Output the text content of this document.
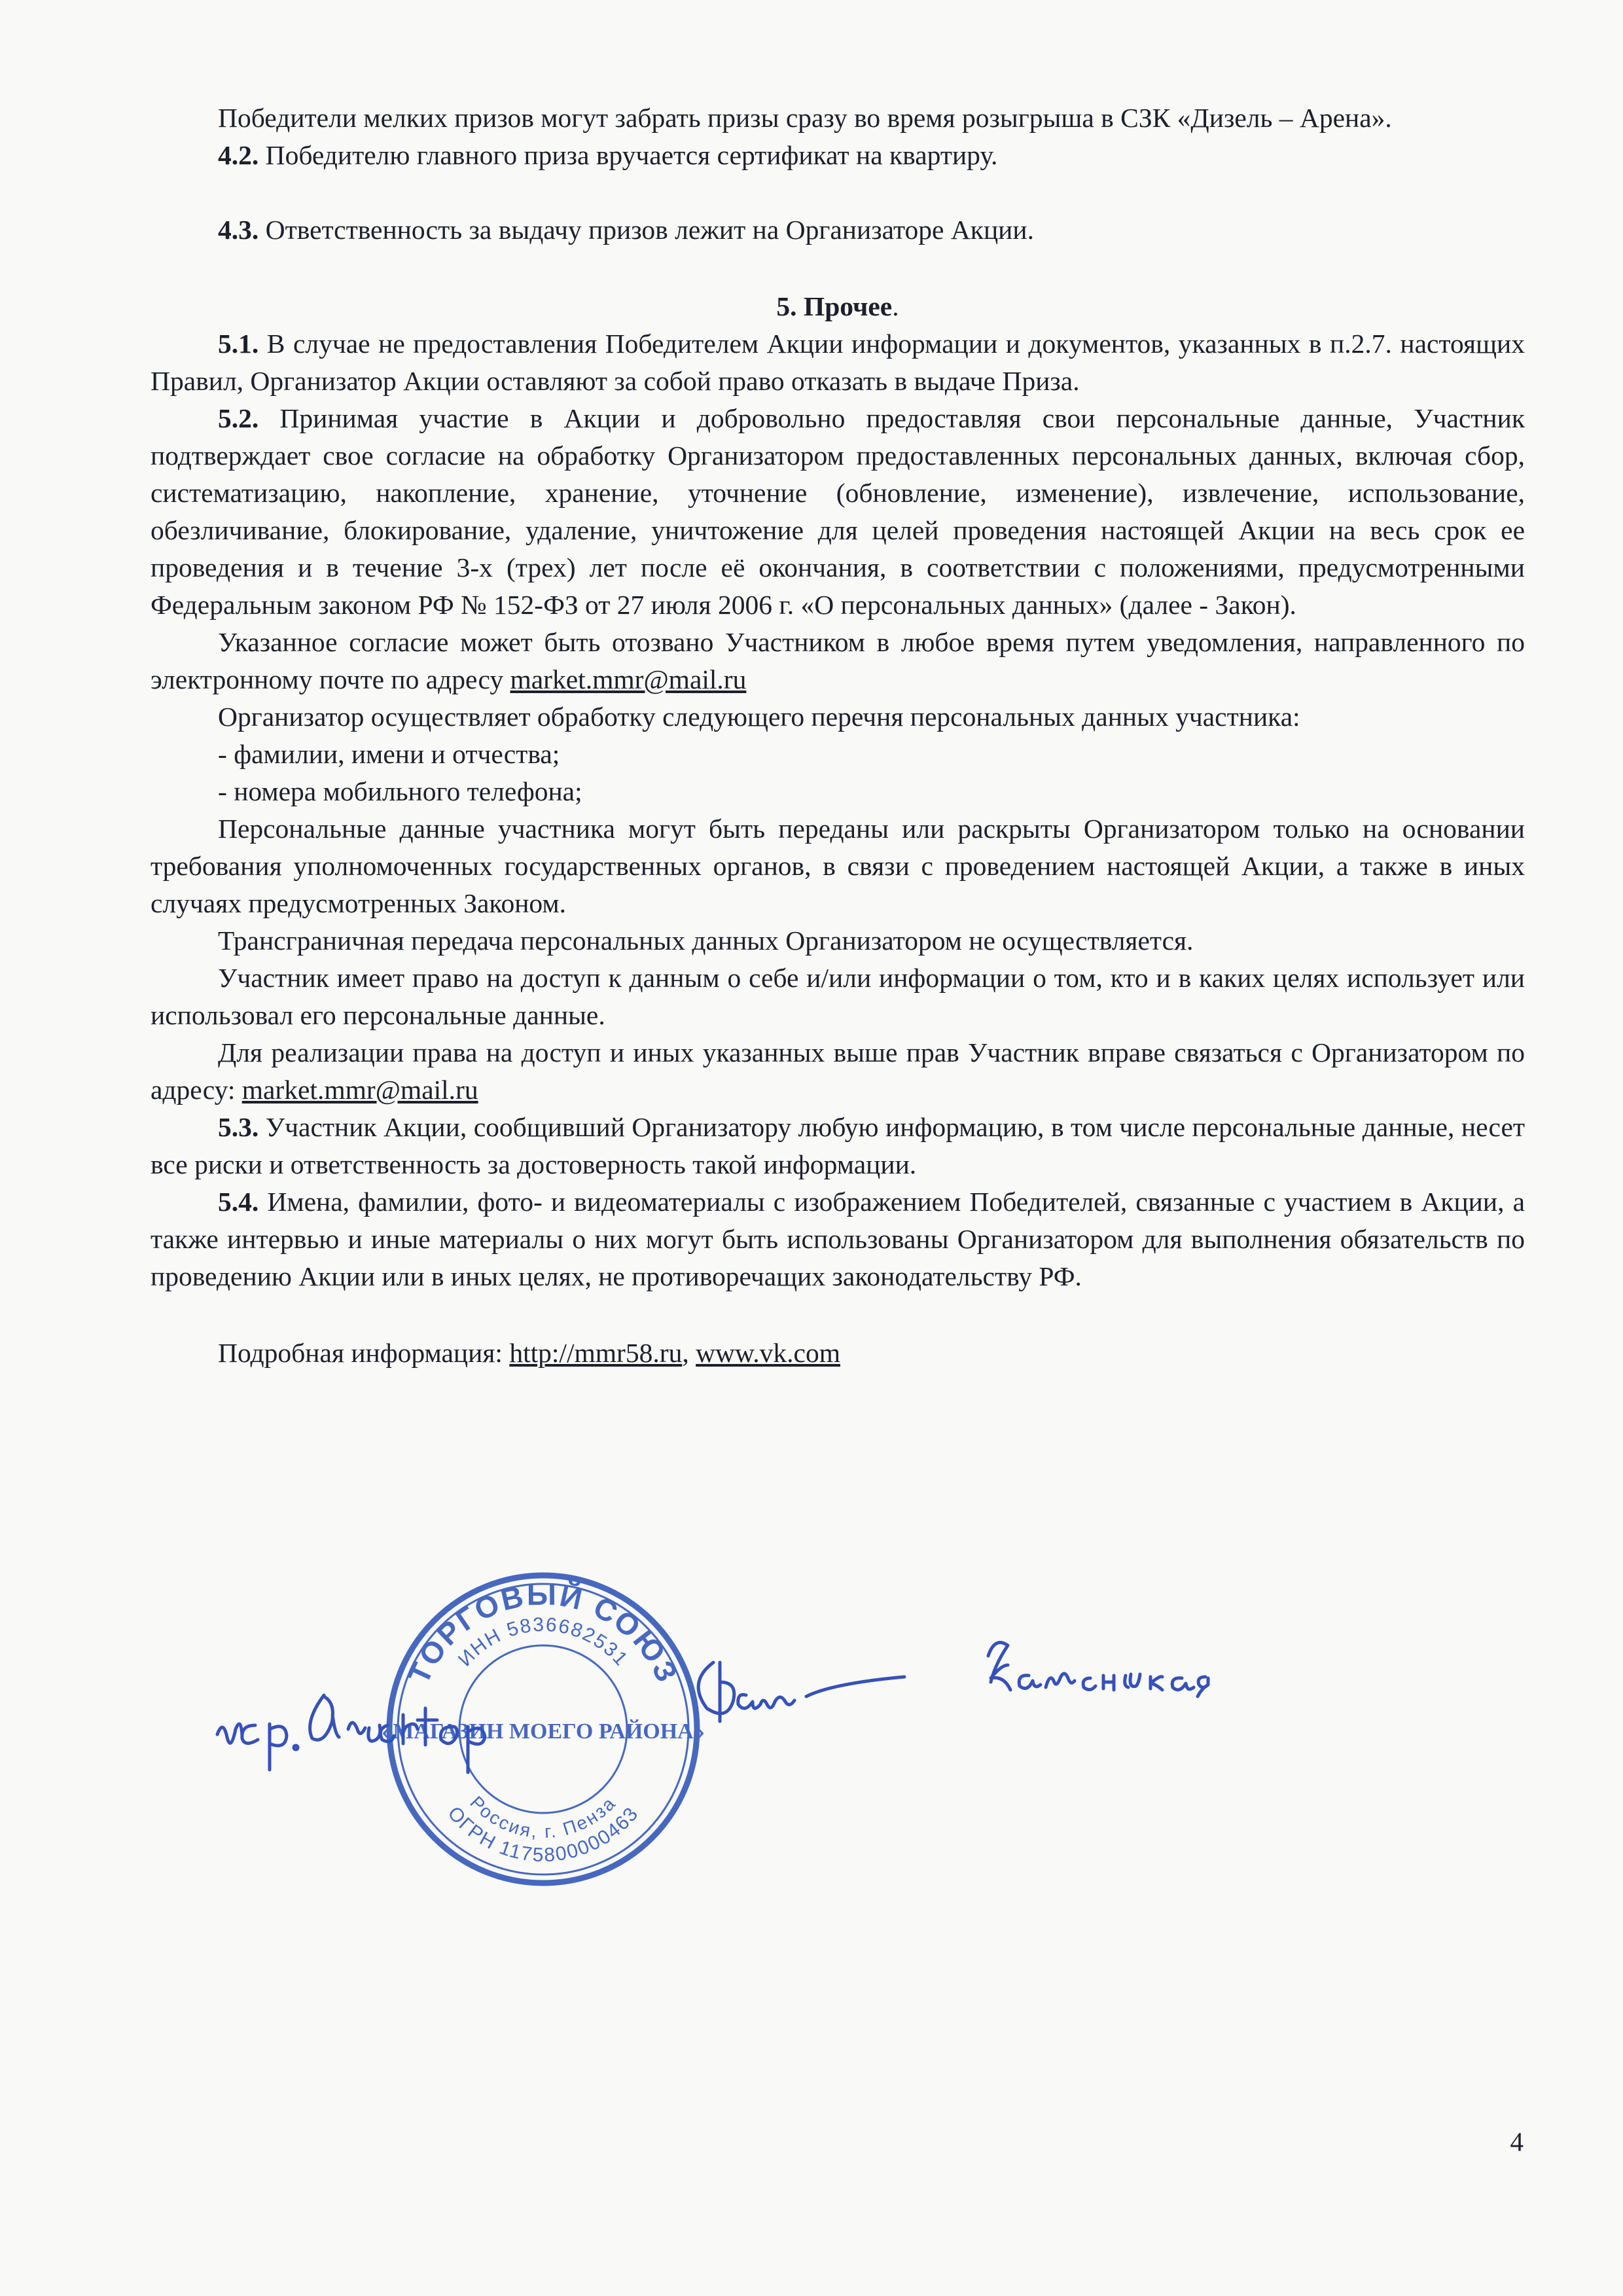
Победители мелких призов могут забрать призы сразу во время розыгрыша в СЗК «Дизель – Арена».

4.2. Победителю главного приза вручается сертификат на квартиру.

4.3. Ответственность за выдачу призов лежит на Организаторе Акции.

5. Прочее.

5.1. В случае не предоставления Победителем Акции информации и документов, указанных в п.2.7. настоящих Правил, Организатор Акции оставляют за собой право отказать в выдаче Приза.

5.2. Принимая участие в Акции и добровольно предоставляя свои персональные данные, Участник подтверждает свое согласие на обработку Организатором предоставленных персональных данных, включая сбор, систематизацию, накопление, хранение, уточнение (обновление, изменение), извлечение, использование, обезличивание, блокирование, удаление, уничтожение для целей проведения настоящей Акции на весь срок ее проведения и в течение 3-х (трех) лет после её окончания, в соответствии с положениями, предусмотренными Федеральным законом РФ № 152-ФЗ от 27 июля 2006 г. «О персональных данных» (далее - Закон).

Указанное согласие может быть отозвано Участником в любое время путем уведомления, направленного по электронному почте по адресу market.mmr@mail.ru

Организатор осуществляет обработку следующего перечня персональных данных участника:

- фамилии, имени и отчества;

- номера мобильного телефона;

Персональные данные участника могут быть переданы или раскрыты Организатором только на основании требования уполномоченных государственных органов, в связи с проведением настоящей Акции, а также в иных случаях предусмотренных Законом.

Трансграничная передача персональных данных Организатором не осуществляется.

Участник имеет право на доступ к данным о себе и/или информации о том, кто и в каких целях использует или использовал его персональные данные.

Для реализации права на доступ и иных указанных выше прав Участник вправе связаться с Организатором по адресу: market.mmr@mail.ru

5.3. Участник Акции, сообщивший Организатору любую информацию, в том числе персональные данные, несет все риски и ответственность за достоверность такой информации.

5.4. Имена, фамилии, фото- и видеоматериалы с изображением Победителей, связанные с участием в Акции, а также интервью и иные материалы о них могут быть использованы Организатором для выполнения обязательств по проведению Акции или в иных целях, не противоречащих законодательству РФ.

Подробная информация: http://mmr58.ru, www.vk.com

ТОРГОВЫЙ СОЮЗ
ИНН 5836682531
ОГРН 1175800000463
Россия, г. Пенза
«МАГАЗИН МОЕГО РАЙОНА»
4
